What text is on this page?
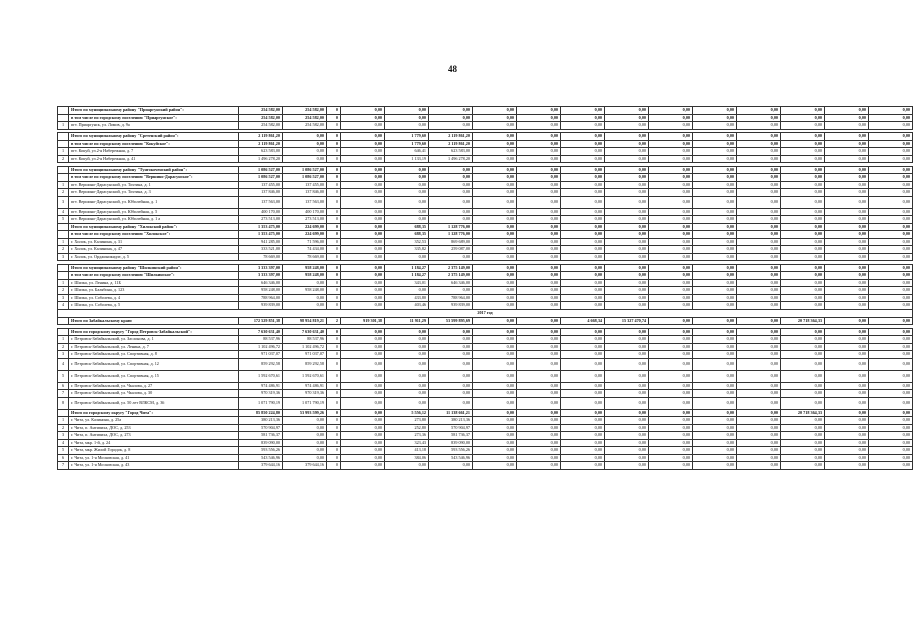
48
	Итого по муниципальному району "Приаргунский район":	254 582,00	254 582,00	0	0,00	0,00	0,00	0,00	0,00	0,00	0,00	0,00	0,00	0,00	0,00	0,00	0,00
	в том числе по городскому поселению "Приаргунское":	254 582,00	254 582,00	0	0,00	0,00	0,00	0,00	0,00	0,00	0,00	0,00	0,00	0,00	0,00	0,00	0,00
1	пгт. Приаргунск, ул. Ломов, д. 9а	254 582,00	254 582,00	0	0,00	0,00	0,00	0,00	0,00	0,00	0,00	0,00	0,00	0,00	0,00	0,00	0,00

	Итого по муниципальному району "Сретенский район":	2 119 861,20	0,00	0	0,00	1 779,60	2 119 861,20	0,00	0,00	0,00	0,00	0,00	0,00	0,00	0,00	0,00	0,00
	в том числе по городскому поселению "Кокуйское":	2 119 861,20	0,00	0	0,00	1 779,60	2 119 861,20	0,00	0,00	0,00	0,00	0,00	0,00	0,00	0,00	0,00	0,00
1	пгт. Кокуй, ул.2-я Набережная, д. 7	623 583,00	0,00	0	0,00	646,41	623 583,00	0,00	0,00	0,00	0,00	0,00	0,00	0,00	0,00	0,00	0,00
2	пгт. Кокуй, ул.2-я Набережная, д. 41	1 496 278,20	0,00	0	0,00	1 133,19	1 496 278,20	0,00	0,00	0,00	0,00	0,00	0,00	0,00	0,00	0,00	0,00

	Итого по муниципальному району "Тунгокоченский район":	1 086 527,00	1 086 527,00	0	0,00	0,00	0,00	0,00	0,00	0,00	0,00	0,00	0,00	0,00	0,00	0,00	0,00
	в том числе по городскому поселению "Вершино-Дарасунское":	1 086 527,00	1 086 527,00	0	0,00	0,00	0,00	0,00	0,00	0,00	0,00	0,00	0,00	0,00	0,00	0,00	0,00
1	пгт. Вершино-Дарасунский, ул. Тохтина, д. 1	137 455,00	137 455,00	0	0,00	0,00	0,00	0,00	0,00	0,00	0,00	0,00	0,00	0,00	0,00	0,00	0,00
2	пгт. Вершино-Дарасунский, ул. Тохтина, д. 3	137 846,00	137 846,00	0	0,00	0,00	0,00	0,00	0,00	0,00	0,00	0,00	0,00	0,00	0,00	0,00	0,00
3	пгт. Вершино-Дарасунский, ул. Юбилейная, д. 1	137 563,00	137 563,00	0	0,00	0,00	0,00	0,00	0,00	0,00	0,00	0,00	0,00	0,00	0,00	0,00	0,00
4	пгт. Вершино-Дарасунский, ул. Юбилейная, д. 5	400 170,00	400 170,00	0	0,00	0,00	0,00	0,00	0,00	0,00	0,00	0,00	0,00	0,00	0,00	0,00	0,00
5	пгт. Вершино-Дарасунский, ул. Юбилейная, д. 1 а	273 513,00	273 513,00	0	0,00	0,00	0,00	0,00	0,00	0,00	0,00	0,00	0,00	0,00	0,00	0,00	0,00
	Итого по муниципальному району "Хилокский район":	1 353 475,00	224 699,00	0	0,00	688,35	1 128 776,00	0,00	0,00	0,00	0,00	0,00	0,00	0,00	0,00	0,00	0,00
	в том числе по городскому поселению "Хилокское":	1 353 475,00	224 699,00	0	0,00	688,35	1 128 776,00	0,00	0,00	0,00	0,00	0,00	0,00	0,00	0,00	0,00	0,00
1	г. Хилок, ул. Калинина, д. 31	941 285,00	71 596,00	0	0,00	352,53	869 689,00	0,00	0,00	0,00	0,00	0,00	0,00	0,00	0,00	0,00	0,00
2	г. Хилок, ул. Калинина, д. 47	333 521,00	74 434,00	0	0,00	335,82	259 087,00	0,00	0,00	0,00	0,00	0,00	0,00	0,00	0,00	0,00	0,00
3	г. Хилок, ул. Орджоникидзе, д. 5	78 669,00	78 669,00	0	0,00	0,00	0,00	0,00	0,00	0,00	0,00	0,00	0,00	0,00	0,00	0,00	0,00

	Итого по муниципальному району "Шилкинский район":	3 333 397,00	958 248,00	0	0,00	1 184,27	2 375 149,00	0,00	0,00	0,00	0,00	0,00	0,00	0,00	0,00	0,00	0,00
	в том числе по городскому поселению "Шилкинское":	3 333 397,00	958 248,00	0	0,00	1 184,27	2 375 149,00	0,00	0,00	0,00	0,00	0,00	0,00	0,00	0,00	0,00	0,00
1	г. Шилка, ул. Ленина, д. 11Б	646 346,00	0,00	0	0,00	343,01	646 346,00	0,00	0,00	0,00	0,00	0,00	0,00	0,00	0,00	0,00	0,00
2	г. Шилка, ул. Балябина, д. 123	958 248,00	958 248,00	0	0,00	0,00	0,00	0,00	0,00	0,00	0,00	0,00	0,00	0,00	0,00	0,00	0,00
3	г. Шилка, ул. Соболева, д. 4	788 964,00	0,00	0	0,00	433,80	788 964,00	0,00	0,00	0,00	0,00	0,00	0,00	0,00	0,00	0,00	0,00
4	г. Шилка, ул. Соболева, д. 5	939 839,00	0,00	0	0,00	403,46	939 839,00	0,00	0,00	0,00	0,00	0,00	0,00	0,00	0,00	0,00	0,00
2017 год																	
	Итого по Забайкальскому краю:	172 529 851,38	98 954 819,21	2	919 301,38	11 911,29	53 599 895,69	0,00	0,00	4 668,34	15 327 470,74	0,00	0,00	0,00	20 718 364,33	0,00	0,00

	Итого по городскому округу "Город Петровск-Забайкальский":	7 630 631,40	7 630 631,40	0	0,00	0,00	0,00	0,00	0,00	0,00	0,00	0,00	0,00	0,00	0,00	0,00	0,00
1	г. Петровск-Забайкальский, ул. Заслонова, д. 1	88 537,96	88 537,96	0	0,00	0,00	0,00	0,00	0,00	0,00	0,00	0,00	0,00	0,00	0,00	0,00	0,00
2	г. Петровск-Забайкальский, ул. Ленина, д. 7	1 102 496,72	1 102 496,72	0	0,00	0,00	0,00	0,00	0,00	0,00	0,00	0,00	0,00	0,00	0,00	0,00	0,00
3	г. Петровск-Забайкальский, ул. Спортивная, д. 8	971 037,07	971 037,07	0	0,00	0,00	0,00	0,00	0,00	0,00	0,00	0,00	0,00	0,00	0,00	0,00	0,00
4	г. Петровск-Забайкальский, ул. Спортивная, д. 12	859 292,58	859 292,58	0	0,00	0,00	0,00	0,00	0,00	0,00	0,00	0,00	0,00	0,00	0,00	0,00	0,00
5	г. Петровск-Забайкальский, ул. Спортивная, д. 15	1 592 670,61	1 592 670,61	0	0,00	0,00	0,00	0,00	0,00	0,00	0,00	0,00	0,00	0,00	0,00	0,00	0,00
6	г. Петровск-Забайкальский, ул. Чкалова, д. 27	974 486,91	974 486,91	0	0,00	0,00	0,00	0,00	0,00	0,00	0,00	0,00	0,00	0,00	0,00	0,00	0,00
7	г. Петровск-Забайкальский, ул. Чкалова, д. 30	970 319,36	970 319,36	0	0,00	0,00	0,00	0,00	0,00	0,00	0,00	0,00	0,00	0,00	0,00	0,00	0,00
8	г. Петровск-Забайкальский, ул. 50 лет ВЛКСМ, д. 36	1 071 790,19	1 071 790,19	0	0,00	0,00	0,00	0,00	0,00	0,00	0,00	0,00	0,00	0,00	0,00	0,00	0,00
	Итого по городскому округу "Город Чита":	85 850 224,80	53 993 599,26	0	0,00	5 556,12	11 138 661,21	0,00	0,00	0,00	0,00	0,00	0,00	0,00	20 718 364,33	0,00	0,00
1	г. Чита, ул. Калинина, д. 25а	380 213,36	0,00	0	0,00	273,80	380 213,36	0,00	0,00	0,00	0,00	0,00	0,00	0,00	0,00	0,00	0,00
2	г. Чита, п. Антипиха, ДОС, д. 253	570 904,97	0,00	0	0,00	252,80	570 904,97	0,00	0,00	0,00	0,00	0,00	0,00	0,00	0,00	0,00	0,00
3	г. Чита, п. Антипиха, ДОС, д. 273	581 736,37	0,00	0	0,00	273,36	581 736,37	0,00	0,00	0,00	0,00	0,00	0,00	0,00	0,00	0,00	0,00
4	г. Чита, мкр. 1-й, д. 24	839 090,00	0,00	0	0,00	323,43	839 090,00	0,00	0,00	0,00	0,00	0,00	0,00	0,00	0,00	0,00	0,00
5	г. Чита, мкр. Жилой Городок, д. 8	593 556,26	0,00	0	0,00	413,18	593 556,26	0,00	0,00	0,00	0,00	0,00	0,00	0,00	0,00	0,00	0,00
6	г. Чита, ул. 1-я Московская, д. 41	543 546,96	0,00	0	0,00	384,06	543 546,96	0,00	0,00	0,00	0,00	0,00	0,00	0,00	0,00	0,00	0,00
7	г. Чита, ул. 1-я Московская, д. 43	379 644,16	379 644,16	0	0,00	0,00	0,00	0,00	0,00	0,00	0,00	0,00	0,00	0,00	0,00	0,00	0,00
